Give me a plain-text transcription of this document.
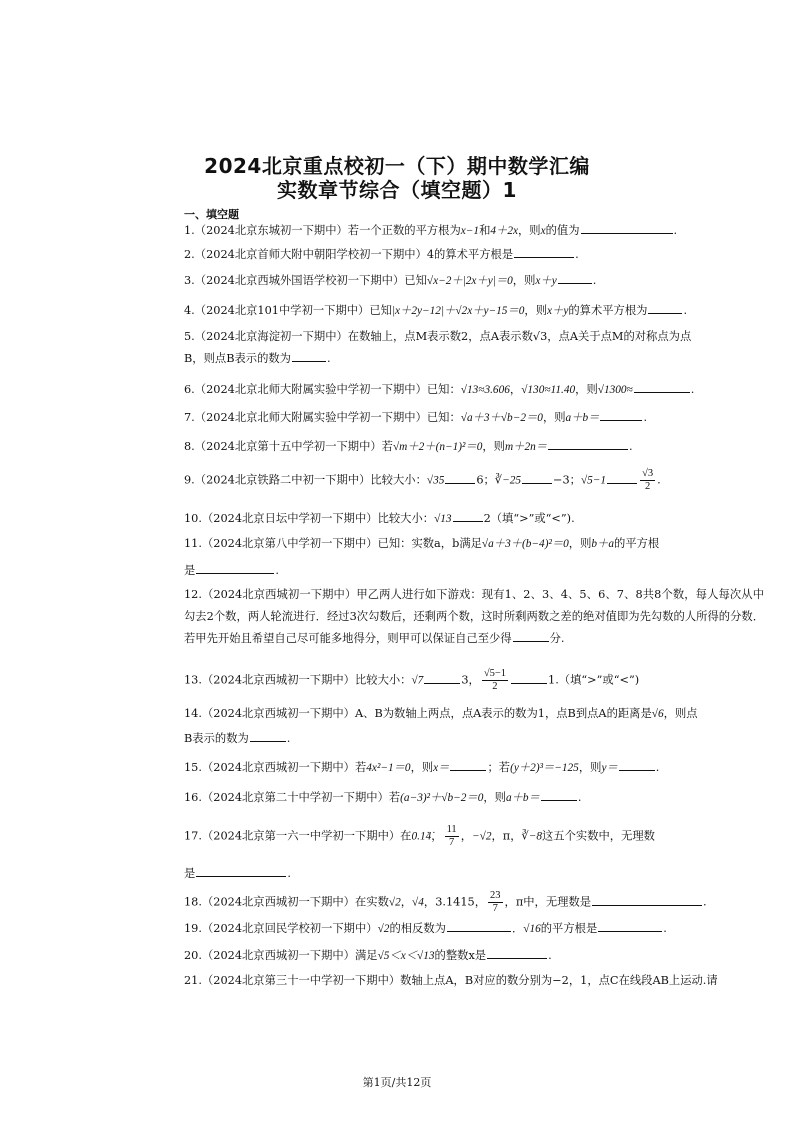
2024北京重点校初一（下）期中数学汇编
实数章节综合（填空题）1
一、填空题
1.（2024北京东城初一下期中）若一个正数的平方根为x−1和4＋2x，则x的值为	.
2.（2024北京首师大附中朝阳学校初一下期中）4的算术平方根是	.
3.（2024北京西城外国语学校初一下期中）已知√x−2＋|2x＋y|＝0，则x＋y	.
4.（2024北京101中学初一下期中）已知|x＋2y−12|＋√2x＋y−15＝0，则x＋y的算术平方根为	.
5.（2024北京海淀初一下期中）在数轴上，点M表示数2，点A表示数√3，点A关于点M的对称点为点
B，则点B表示的数为	.
6.（2024北京北师大附属实验中学初一下期中）已知：√13≈3.606，√130≈11.40，则√1300≈	.
7.（2024北京北师大附属实验中学初一下期中）已知：√a＋3＋√b−2＝0，则a＋b＝	.
8.（2024北京第十五中学初一下期中）若√m＋2＋(n−1)²＝0，则m＋2n＝	.
9.（2024北京铁路二中初一下期中）比较大小：√35	6；∛−25	−3；√5−1	$\frac{√3}{2}$ .
10.（2024北京日坛中学初一下期中）比较大小：√13	2（填“>”或“<”).
11.（2024北京第八中学初一下期中）已知：实数a，b满足√a＋3＋(b−4)²＝0，则b＋a的平方根
是	.
12.（2024北京西城初一下期中）甲乙两人进行如下游戏：现有1、2、3、4、5、6、7、8共8个数，每人每次从中勾去2个数，两人轮流进行．经过3次勾数后，还剩两个数，这时所剩两数之差的绝对值即为先勾数的人所得的分数．若甲先开始且希望自己尽可能多地得分，则甲可以保证自己至少得	分.
13.（2024北京西城初一下期中）比较大小：√7	3， $\frac{√5-1}{2}$	1.（填“>”或“<”)
14.（2024北京西城初一下期中）A、B为数轴上两点，点A表示的数为1，点B到点A的距离是√6，则点
B表示的数为	.
15.（2024北京西城初一下期中）若4x²−1＝0，则x＝	；若(y＋2)³＝−125，则y＝	.
16.（2024北京第二十中学初一下期中）若(a−3)²＋√b−2＝0，则a＋b＝	.
17.（2024北京第一六一中学初一下期中）在0.1̇4̇， $\frac{11}{7}$ ，−√2，π，∛−8这五个实数中，无理数
是	.
18.（2024北京西城初一下期中）在实数√2，√4，3.1415， $\frac{23}{7}$ ，π中，无理数是	.
19.（2024北京回民学校初一下期中）√2的相反数为	．√16的平方根是	.
20.（2024北京西城初一下期中）满足√5＜x＜√13的整数x是	.
21.（2024北京第三十一中学初一下期中）数轴上点A，B对应的数分别为−2，1，点C在线段AB上运动.请
第1页/共12页
